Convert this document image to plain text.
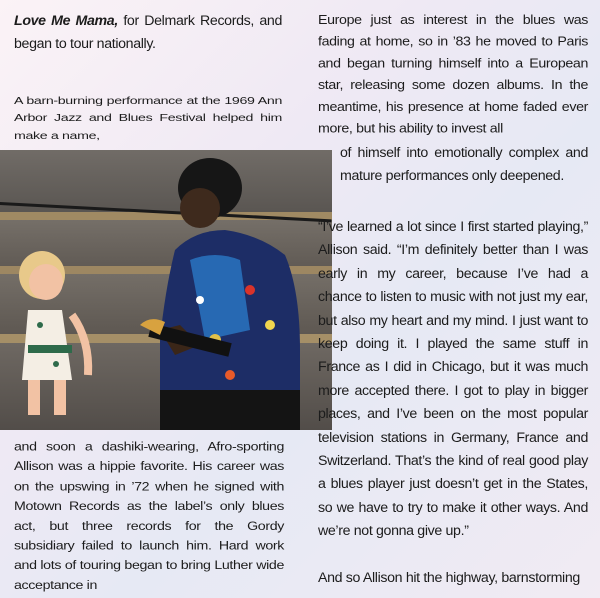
Love Me Mama, for Delmark Records, and began to tour nationally.

A barn-burning performance at the 1969 Ann Arbor Jazz and Blues Festival helped him make a name,

and soon a dashiki-wearing, Afro-sporting Allison was a hippie favorite. His career was on the upswing in ’72 when he signed with Motown Records as the label’s only blues act, but three records for the Gordy subsidiary failed to launch him. Hard work and lots of touring began to bring Luther wide acceptance in

Europe just as interest in the blues was fading at home, so in ’83 he moved to Paris and began turning himself into a European star, releasing some dozen albums. In the meantime, his presence at home faded ever more, but his ability to invest all

of himself into emotionally complex and mature performances only deepened.

“I’ve learned a lot since I first started playing,” Allison said. “I’m definitely better than I was early in my career, because I’ve had a chance to listen to music with not just my ear, but also my heart and my mind. I just want to keep doing it. I played the same stuff in France as I did in Chicago, but it was much more accepted there. I got to play in bigger places, and I’ve been on the most popular television stations in Germany, France and Switzerland. That’s the kind of real good play a blues player just doesn’t get in the States, so we have to try to make it other ways. And we’re not gonna give up.”

And so Allison hit the highway, barnstorming
